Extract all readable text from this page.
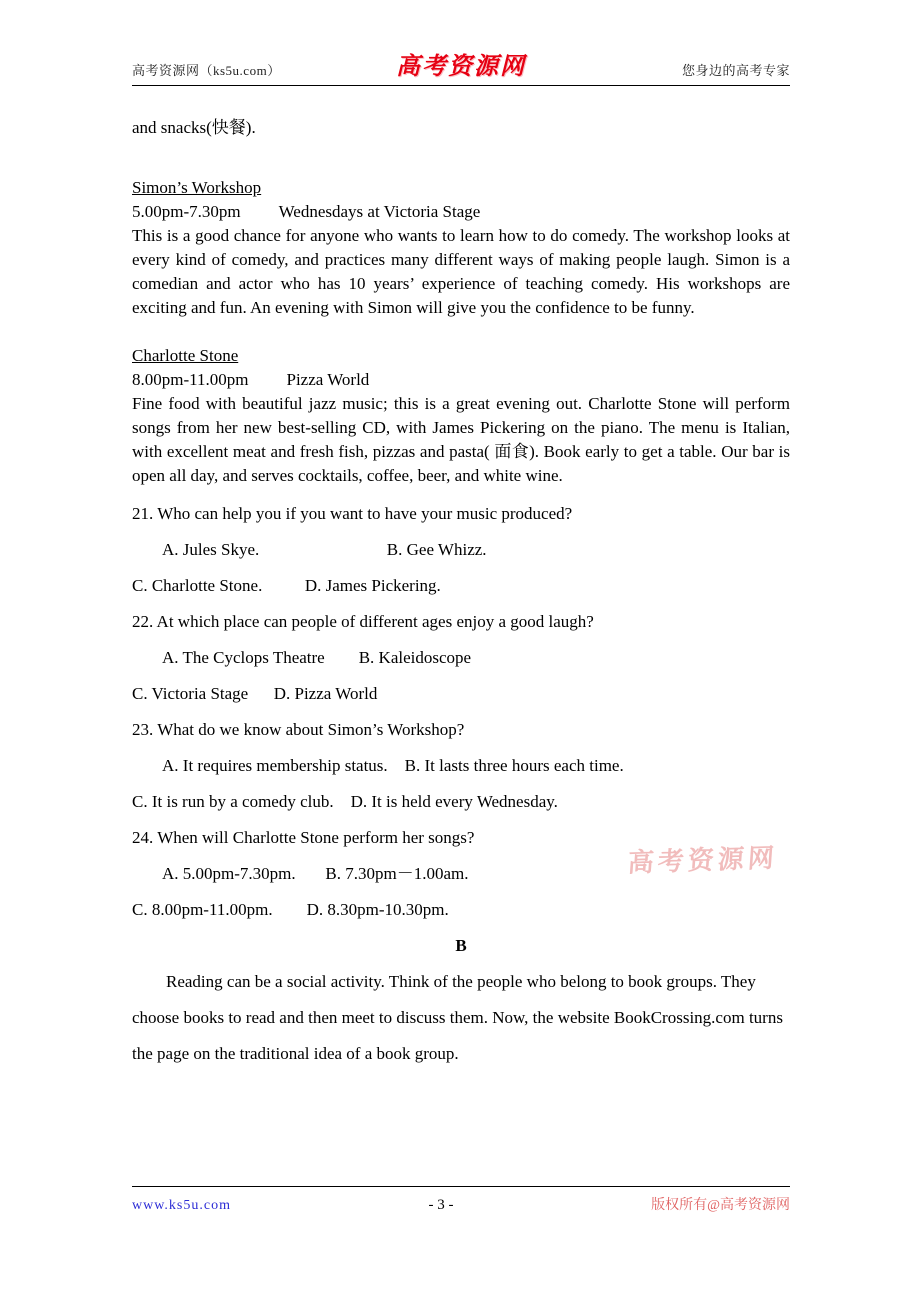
高考资源网（ks5u.com）	高考资源网	您身边的高考专家

and snacks(快餐).

Simon’s Workshop

5.00pm-7.30pm Wednesdays at Victoria Stage

This is a good chance for anyone who wants to learn how to do comedy. The workshop looks at every kind of comedy, and practices many different ways of making people laugh. Simon is a comedian and actor who has 10 years’ experience of teaching comedy. His workshops are exciting and fun. An evening with Simon will give you the confidence to be funny.

Charlotte Stone

8.00pm-11.00pm Pizza World

Fine food with beautiful jazz music; this is a great evening out. Charlotte Stone will perform songs from her new best-selling CD, with James Pickering on the piano. The menu is Italian, with excellent meat and fresh fish, pizzas and pasta( 面食). Book early to get a table. Our bar is open all day, and serves cocktails, coffee, beer, and white wine.

21. Who can help you if you want to have your music produced?

A. Jules Skye.                              B. Gee Whizz.

C. Charlotte Stone.          D. James Pickering.

22. At which place can people of different ages enjoy a good laugh?

A. The Cyclops Theatre        B. Kaleidoscope

C. Victoria Stage      D. Pizza World

23. What do we know about Simon’s Workshop?

A. It requires membership status.    B. It lasts three hours each time.

C. It is run by a comedy club.    D. It is held every Wednesday.

24. When will Charlotte Stone perform her songs?

A. 5.00pm-7.30pm.       B. 7.30pm－1.00am.

C. 8.00pm-11.00pm.        D. 8.30pm-10.30pm.

B

Reading can be a social activity. Think of the people who belong to book groups. They choose books to read and then meet to discuss them. Now, the website BookCrossing.com turns the page on the traditional idea of a book group.

高考资源网
www.ks5u.com	- 3 -	版权所有@高考资源网
